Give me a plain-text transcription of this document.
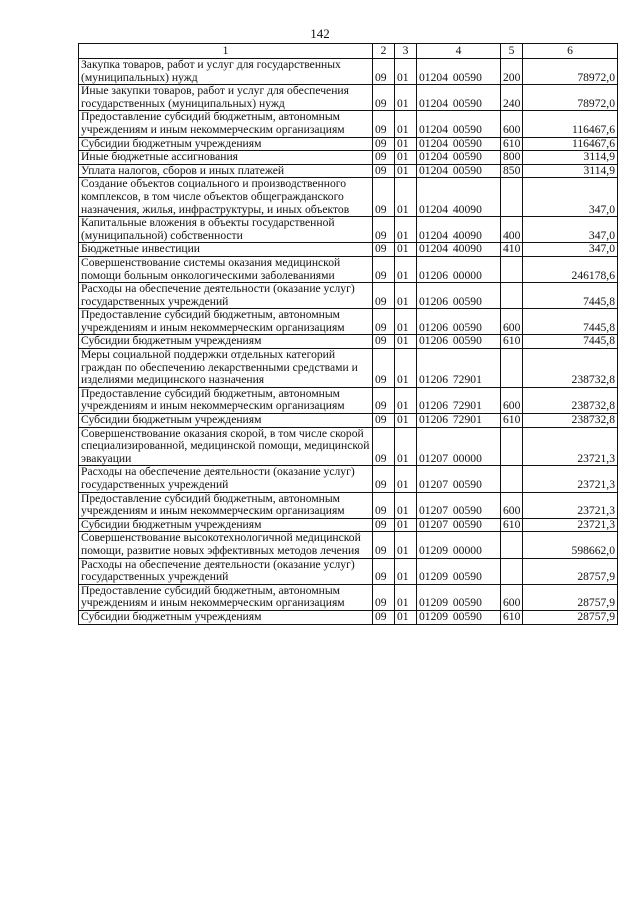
142
1	2	3	4	5	6
Закупка товаров, работ и услуг для государственных (муниципальных) нужд	09	01	01204 00590	200	78972,0
Иные закупки товаров, работ и услуг для обеспечения государственных (муниципальных) нужд	09	01	01204 00590	240	78972,0
Предоставление субсидий бюджетным, автономным учреждениям и иным некоммерческим организациям	09	01	01204 00590	600	116467,6
Субсидии бюджетным учреждениям	09	01	01204 00590	610	116467,6
Иные бюджетные ассигнования	09	01	01204 00590	800	3114,9
Уплата налогов, сборов и иных платежей	09	01	01204 00590	850	3114,9
Создание объектов социального и производственного комплексов, в том числе объектов общегражданского назначения, жилья, инфраструктуры, и иных объектов	09	01	01204 40090		347,0
Капитальные вложения в объекты государственной (муниципальной) собственности	09	01	01204 40090	400	347,0
Бюджетные инвестиции	09	01	01204 40090	410	347,0
Совершенствование системы оказания медицинской помощи больным онкологическими заболеваниями	09	01	01206 00000		246178,6
Расходы на обеспечение деятельности (оказание услуг) государственных учреждений	09	01	01206 00590		7445,8
Предоставление субсидий бюджетным, автономным учреждениям и иным некоммерческим организациям	09	01	01206 00590	600	7445,8
Субсидии бюджетным учреждениям	09	01	01206 00590	610	7445,8
Меры социальной поддержки отдельных категорий граждан по обеспечению лекарственными средствами и изделиями медицинского назначения	09	01	01206 72901		238732,8
Предоставление субсидий бюджетным, автономным учреждениям и иным некоммерческим организациям	09	01	01206 72901	600	238732,8
Субсидии бюджетным учреждениям	09	01	01206 72901	610	238732,8
Совершенствование оказания скорой, в том числе скорой специализированной, медицинской помощи, медицинской эвакуации	09	01	01207 00000		23721,3
Расходы на обеспечение деятельности (оказание услуг) государственных учреждений	09	01	01207 00590		23721,3
Предоставление субсидий бюджетным, автономным учреждениям и иным некоммерческим организациям	09	01	01207 00590	600	23721,3
Субсидии бюджетным учреждениям	09	01	01207 00590	610	23721,3
Совершенствование высокотехнологичной медицинской помощи, развитие новых эффективных методов лечения	09	01	01209 00000		598662,0
Расходы на обеспечение деятельности (оказание услуг) государственных учреждений	09	01	01209 00590		28757,9
Предоставление субсидий бюджетным, автономным учреждениям и иным некоммерческим организациям	09	01	01209 00590	600	28757,9
Субсидии бюджетным учреждениям	09	01	01209 00590	610	28757,9
